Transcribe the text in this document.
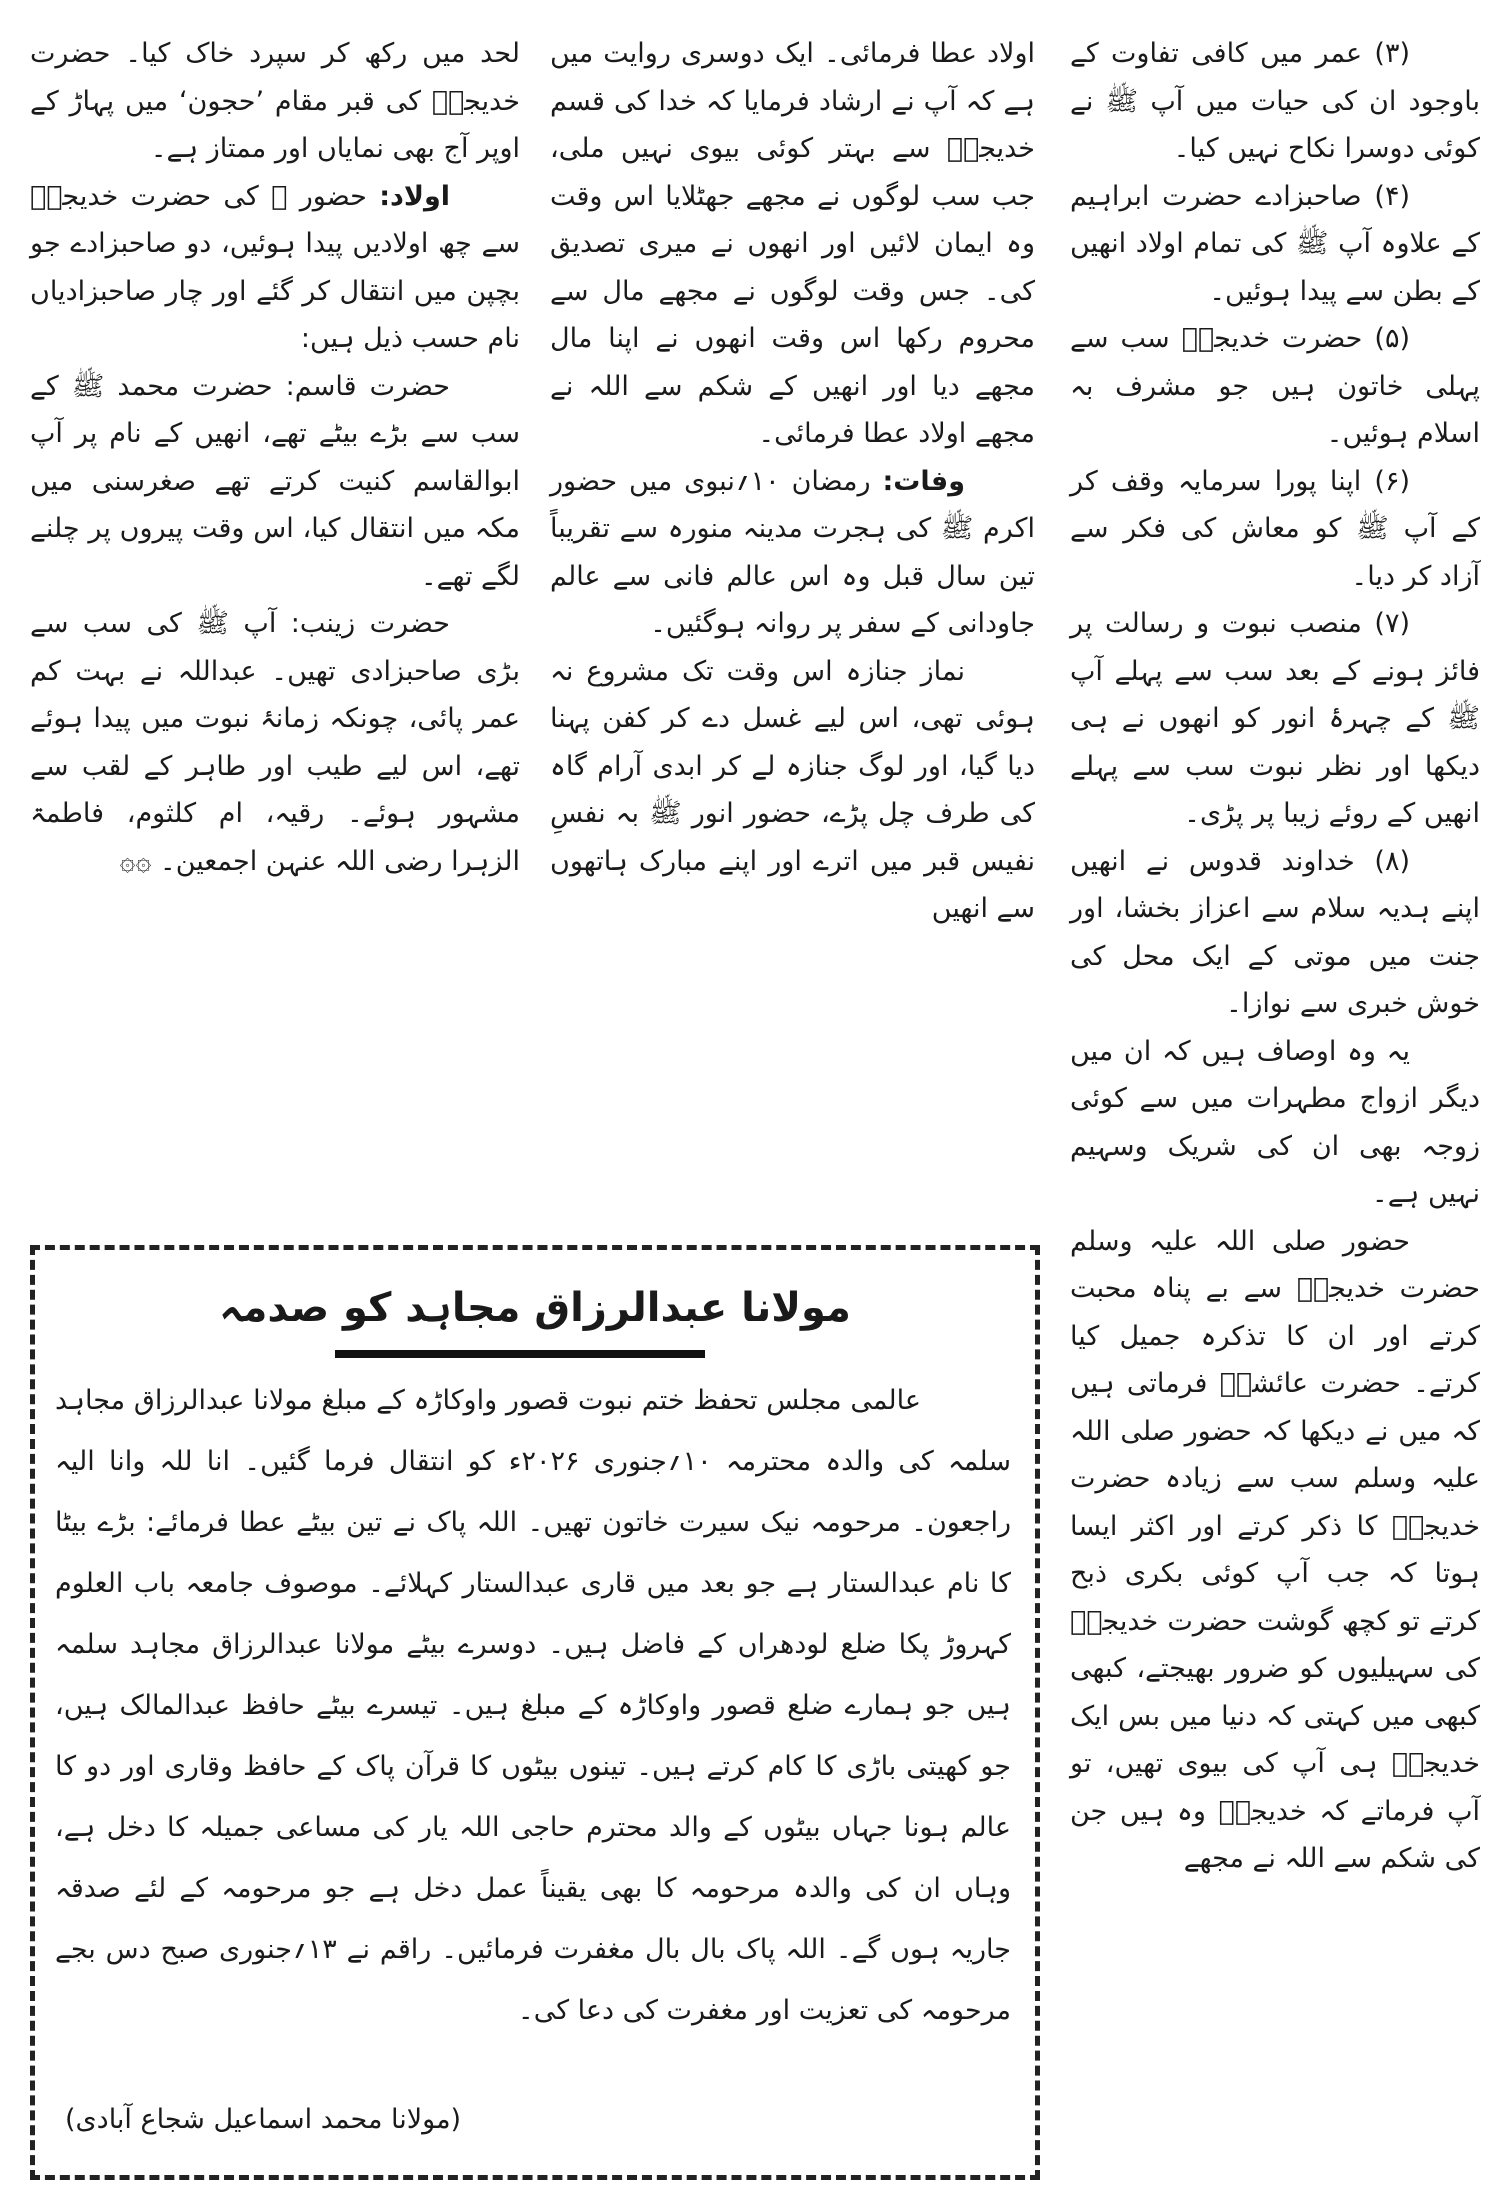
(۳) عمر میں کافی تفاوت کے باوجود ان کی حیات میں آپ ﷺ نے کوئی دوسرا نکاح نہیں کیا۔

(۴) صاحبزادے حضرت ابراہیم کے علاوہ آپ ﷺ کی تمام اولاد انھیں کے بطن سے پیدا ہوئیں۔

(۵) حضرت خدیجہؓ سب سے پہلی خاتون ہیں جو مشرف بہ اسلام ہوئیں۔

(۶) اپنا پورا سرمایہ وقف کر کے آپ ﷺ کو معاش کی فکر سے آزاد کر دیا۔

(۷) منصب نبوت و رسالت پر فائز ہونے کے بعد سب سے پہلے آپ ﷺ کے چہرۂ انور کو انھوں نے ہی دیکھا اور نظر نبوت سب سے پہلے انھیں کے روئے زیبا پر پڑی۔

(۸) خداوند قدوس نے انھیں اپنے ہدیہ سلام سے اعزاز بخشا، اور جنت میں موتی کے ایک محل کی خوش خبری سے نوازا۔

یہ وہ اوصاف ہیں کہ ان میں دیگر ازواج مطہرات میں سے کوئی زوجہ بھی ان کی شریک وسہیم نہیں ہے۔

حضور صلی اللہ علیہ وسلم حضرت خدیجہؓ سے بے پناہ محبت کرتے اور ان کا تذکرہ جمیل کیا کرتے۔ حضرت عائشہؓ فرماتی ہیں کہ میں نے دیکھا کہ حضور صلی اللہ علیہ وسلم سب سے زیادہ حضرت خدیجہؓ کا ذکر کرتے اور اکثر ایسا ہوتا کہ جب آپ کوئی بکری ذبح کرتے تو کچھ گوشت حضرت خدیجہؓ کی سہیلیوں کو ضرور بھیجتے، کبھی کبھی میں کہتی کہ دنیا میں بس ایک خدیجہؓ ہی آپ کی بیوی تھیں، تو آپ فرماتے کہ خدیجہؓ وہ ہیں جن کی شکم سے اللہ نے مجھے

اولاد عطا فرمائی۔ ایک دوسری روایت میں ہے کہ آپ نے ارشاد فرمایا کہ خدا کی قسم خدیجہؓ سے بہتر کوئی بیوی نہیں ملی، جب سب لوگوں نے مجھے جھٹلایا اس وقت وہ ایمان لائیں اور انھوں نے میری تصدیق کی۔ جس وقت لوگوں نے مجھے مال سے محروم رکھا اس وقت انھوں نے اپنا مال مجھے دیا اور انھیں کے شکم سے اللہ نے مجھے اولاد عطا فرمائی۔

وفات: رمضان ۱۰؍نبوی میں حضور اکرم ﷺ کی ہجرت مدینہ منورہ سے تقریباً تین سال قبل وہ اس عالم فانی سے عالم جاودانی کے سفر پر روانہ ہوگئیں۔

نماز جنازہ اس وقت تک مشروع نہ ہوئی تھی، اس لیے غسل دے کر کفن پہنا دیا گیا، اور لوگ جنازہ لے کر ابدی آرام گاہ کی طرف چل پڑے، حضور انور ﷺ بہ نفسِ نفیس قبر میں اترے اور اپنے مبارک ہاتھوں سے انھیں

لحد میں رکھ کر سپرد خاک کیا۔ حضرت خدیجہؓ کی قبر مقام ’حجون‘ میں پہاڑ کے اوپر آج بھی نمایاں اور ممتاز ہے۔

اولاد: حضور ﷺ کی حضرت خدیجہؓ سے چھ اولادیں پیدا ہوئیں، دو صاحبزادے جو بچپن میں انتقال کر گئے اور چار صاحبزادیاں نام حسب ذیل ہیں:

حضرت قاسم: حضرت محمد ﷺ کے سب سے بڑے بیٹے تھے، انھیں کے نام پر آپ ابوالقاسم کنیت کرتے تھے صغرسنی میں مکہ میں انتقال کیا، اس وقت پیروں پر چلنے لگے تھے۔

حضرت زینب: آپ ﷺ کی سب سے بڑی صاحبزادی تھیں۔ عبداللہ نے بہت کم عمر پائی، چونکہ زمانۂ نبوت میں پیدا ہوئے تھے، اس لیے طیب اور طاہر کے لقب سے مشہور ہوئے۔ رقیہ، ام کلثوم، فاطمۃ الزہرا رضی اللہ عنہن اجمعین۔ ۞۞

مولانا عبدالرزاق مجاہد کو صدمہ

عالمی مجلس تحفظ ختم نبوت قصور واوکاڑہ کے مبلغ مولانا عبدالرزاق مجاہد سلمہ کی والدہ محترمہ ۱۰؍جنوری ۲۰۲۶ء کو انتقال فرما گئیں۔ انا للہ وانا الیہ راجعون۔ مرحومہ نیک سیرت خاتون تھیں۔ اللہ پاک نے تین بیٹے عطا فرمائے: بڑے بیٹا کا نام عبدالستار ہے جو بعد میں قاری عبدالستار کہلائے۔ موصوف جامعہ باب العلوم کہروڑ پکا ضلع لودھراں کے فاضل ہیں۔ دوسرے بیٹے مولانا عبدالرزاق مجاہد سلمہ ہیں جو ہمارے ضلع قصور واوکاڑہ کے مبلغ ہیں۔ تیسرے بیٹے حافظ عبدالمالک ہیں، جو کھیتی باڑی کا کام کرتے ہیں۔ تینوں بیٹوں کا قرآن پاک کے حافظ وقاری اور دو کا عالم ہونا جہاں بیٹوں کے والد محترم حاجی اللہ یار کی مساعی جمیلہ کا دخل ہے، وہاں ان کی والدہ مرحومہ کا بھی یقیناً عمل دخل ہے جو مرحومہ کے لئے صدقہ جاریہ ہوں گے۔ اللہ پاک بال بال مغفرت فرمائیں۔ راقم نے ۱۳؍جنوری صبح دس بجے مرحومہ کی تعزیت اور مغفرت کی دعا کی۔

(مولانا محمد اسماعیل شجاع آبادی)
